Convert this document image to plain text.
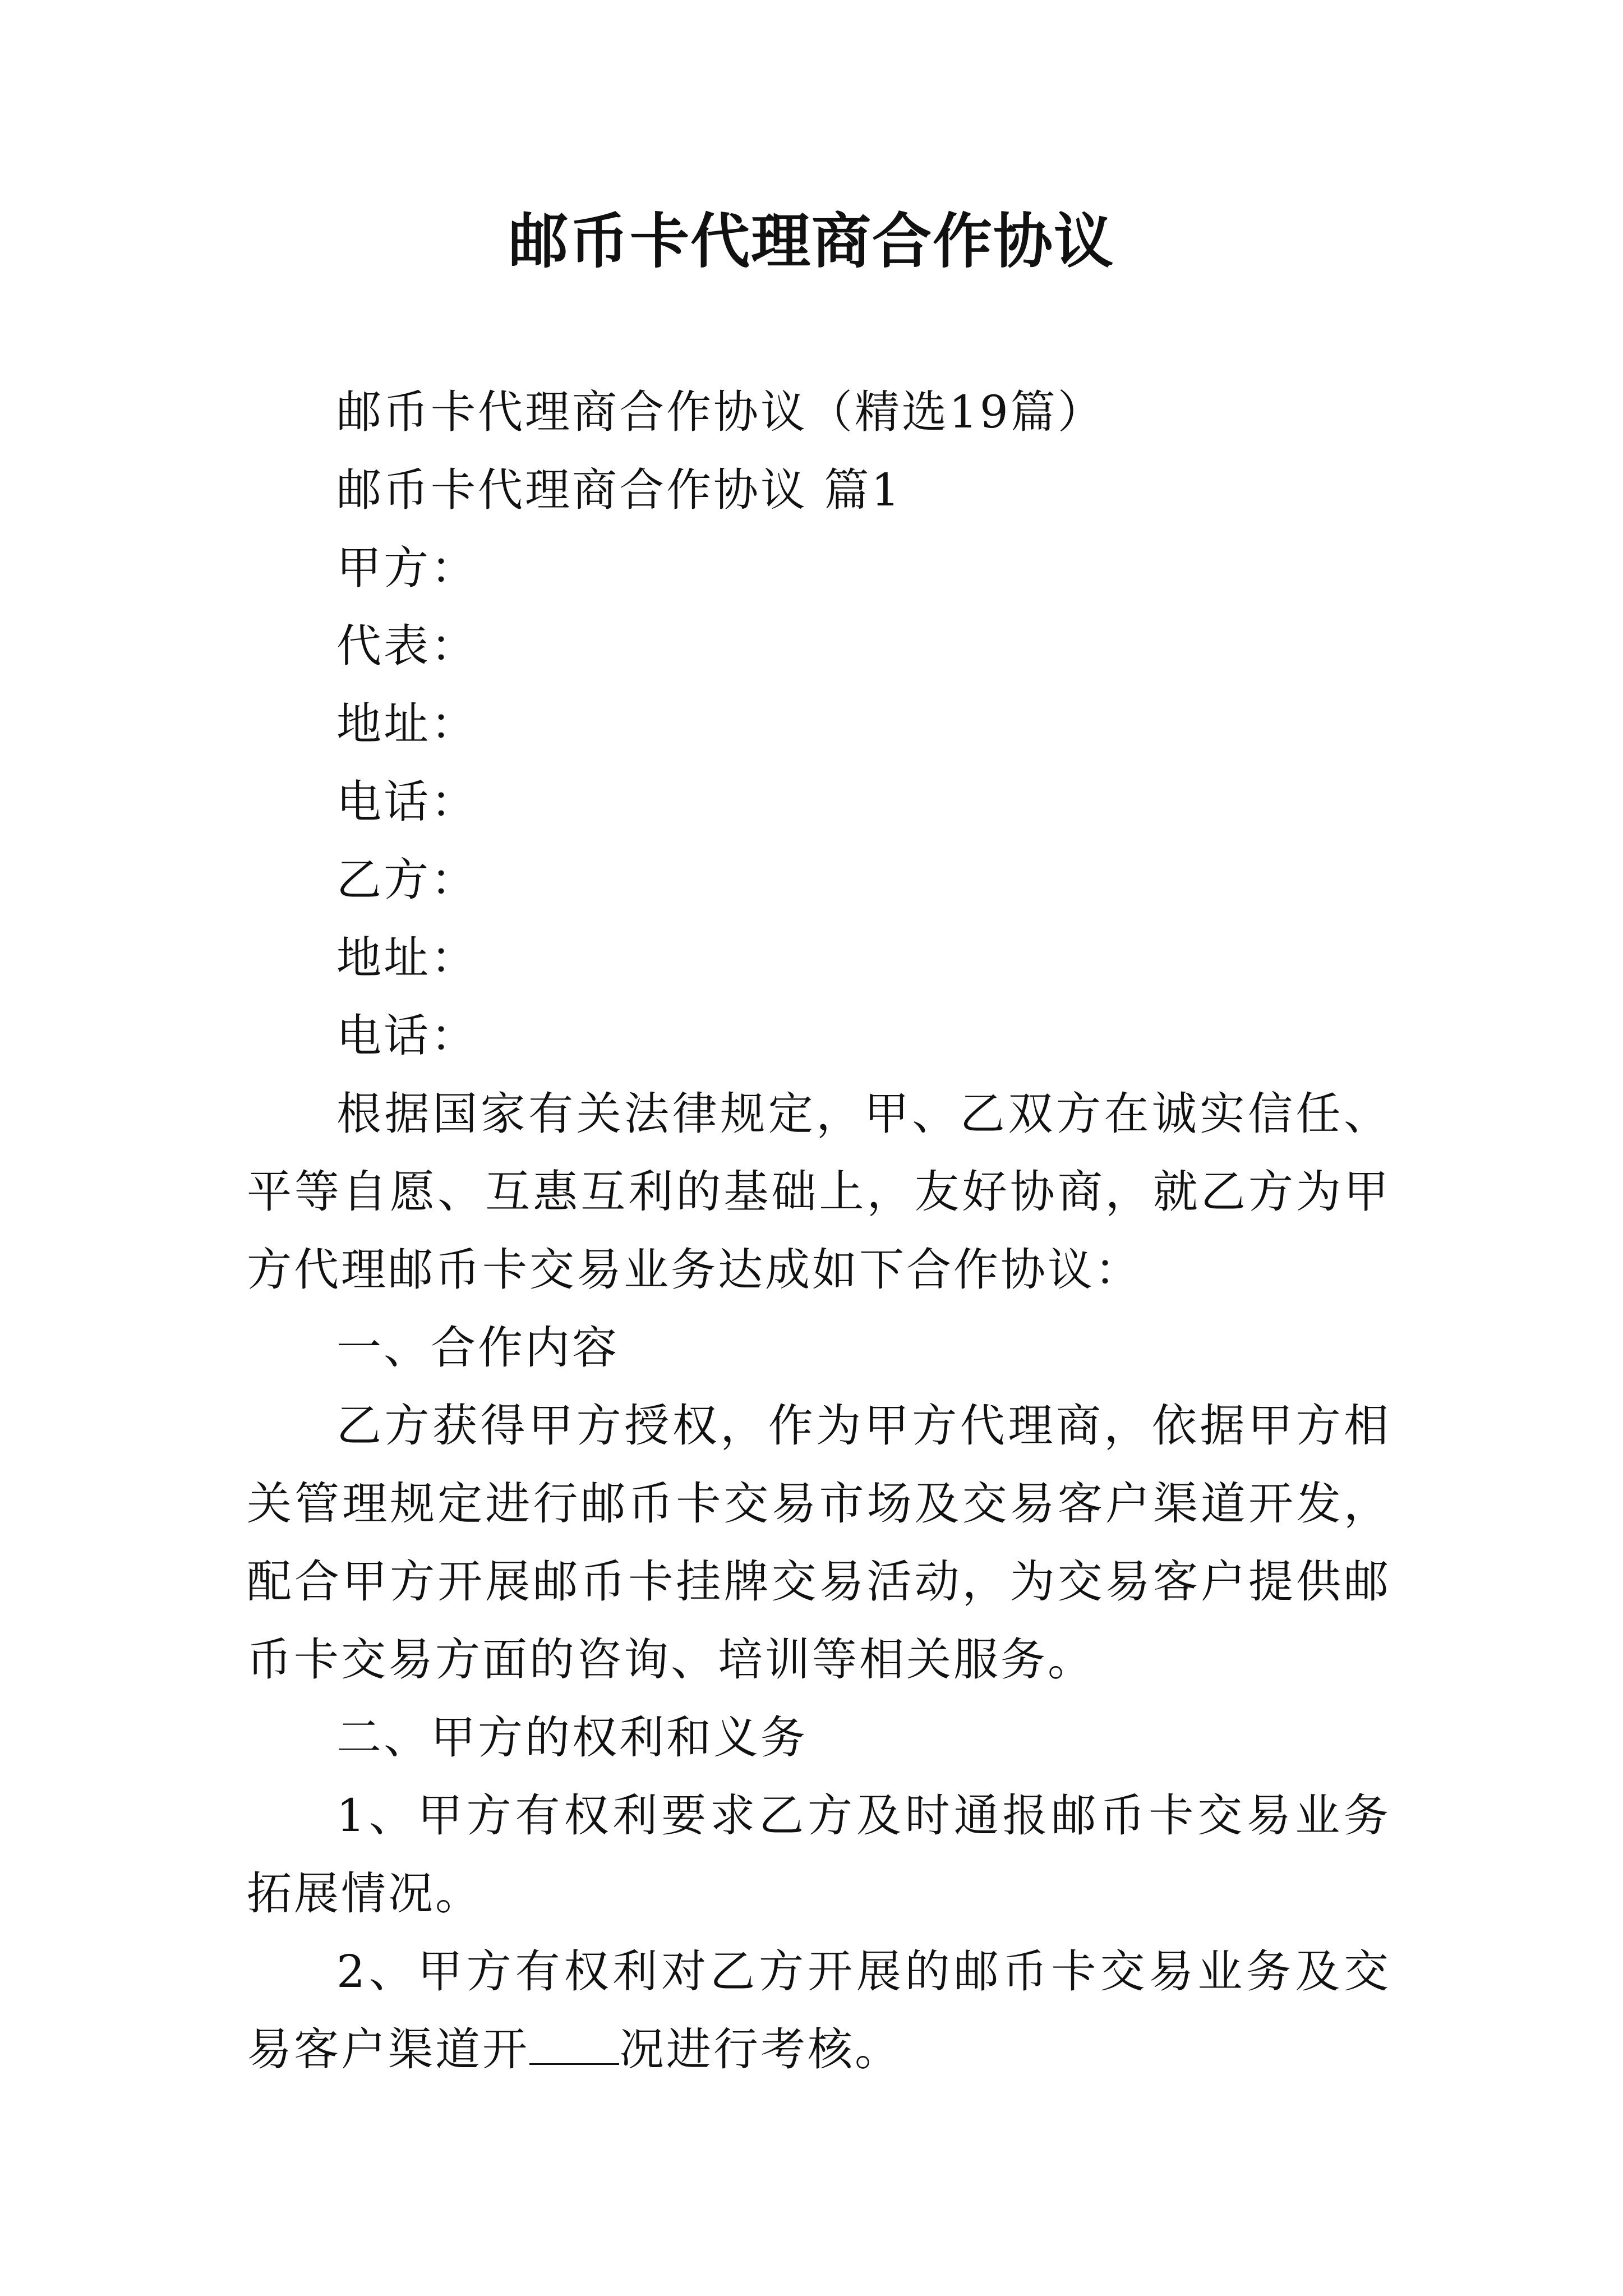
邮币卡代理商合作协议

邮币卡代理商合作协议（精选19篇）

邮币卡代理商合作协议 篇1

甲方：

代表：

地址：

电话：

乙方：

地址：

电话：

根据国家有关法律规定，甲、乙双方在诚实信任、平等自愿、互惠互利的基础上，友好协商，就乙方为甲方代理邮币卡交易业务达成如下合作协议：

一、合作内容

乙方获得甲方授权，作为甲方代理商，依据甲方相关管理规定进行邮币卡交易市场及交易客户渠道开发，配合甲方开展邮币卡挂牌交易活动，为交易客户提供邮币卡交易方面的咨询、培训等相关服务。

二、甲方的权利和义务

1、甲方有权利要求乙方及时通报邮币卡交易业务拓展情况。

2、甲方有权利对乙方开展的邮币卡交易业务及交易客户渠道开 况进行考核。
